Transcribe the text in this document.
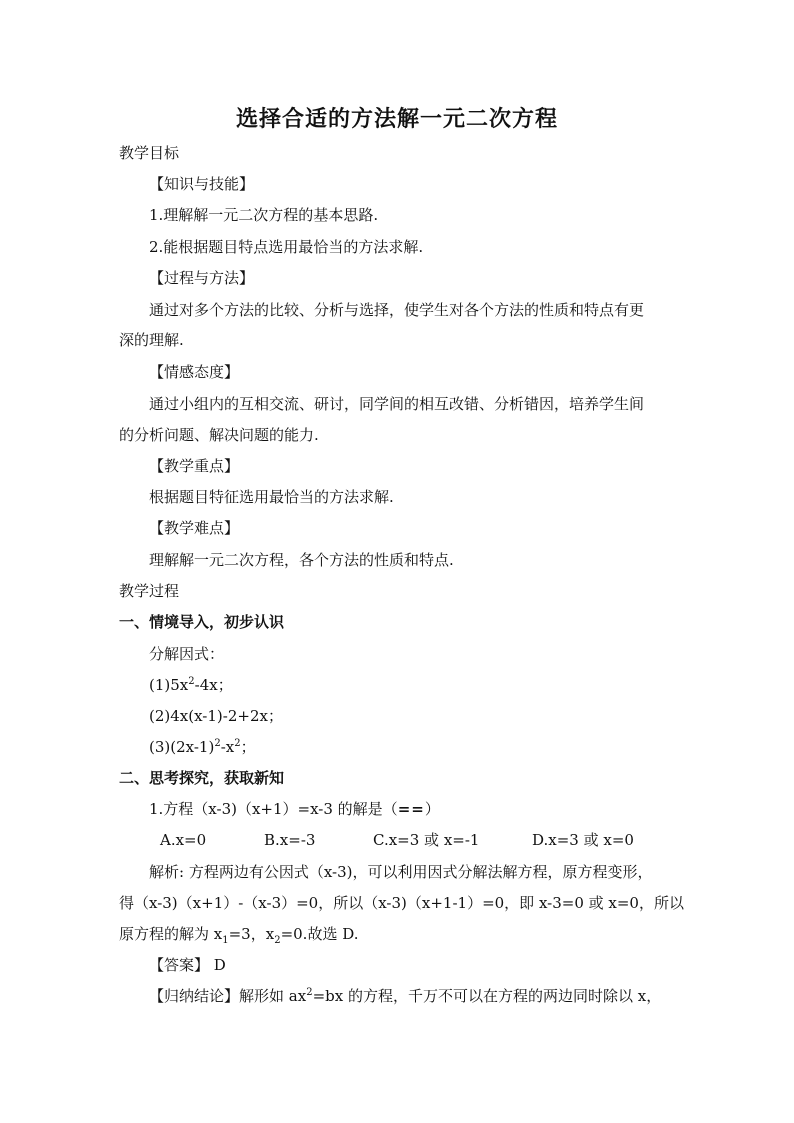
选择合适的方法解一元二次方程
教学目标
【知识与技能】
1.理解解一元二次方程的基本思路.
2.能根据题目特点选用最恰当的方法求解.
【过程与方法】
通过对多个方法的比较、分析与选择，使学生对各个方法的性质和特点有更
深的理解.
【情感态度】
通过小组内的互相交流、研讨，同学间的相互改错、分析错因，培养学生间
的分析问题、解决问题的能力.
【教学重点】
根据题目特征选用最恰当的方法求解.
【教学难点】
理解解一元二次方程，各个方法的性质和特点.
教学过程
一、情境导入，初步认识
分解因式：
$(1)5x^2-4x$；
(2)4x(x-1)-2+2x；
$(3)(2x-1)^2-x^2$；
二、思考探究，获取新知
1.方程（x-3)（x+1）=x-3 的解是（==）
A.x=0	B.x=-3	C.x=3 或 x=-1	D.x=3 或 x=0
解析: 方程两边有公因式（x-3)，可以利用因式分解法解方程，原方程变形，
得（x-3)（x+1）-（x-3）=0，所以（x-3)（x+1-1）=0，即 x-3=0 或 x=0，所以
原方程的解为 $x_1=3$，$x_2=0$.故选 D.
【答案】 D
【归纳结论】解形如 $ax^2=bx$ 的方程，千万不可以在方程的两边同时除以 x，
